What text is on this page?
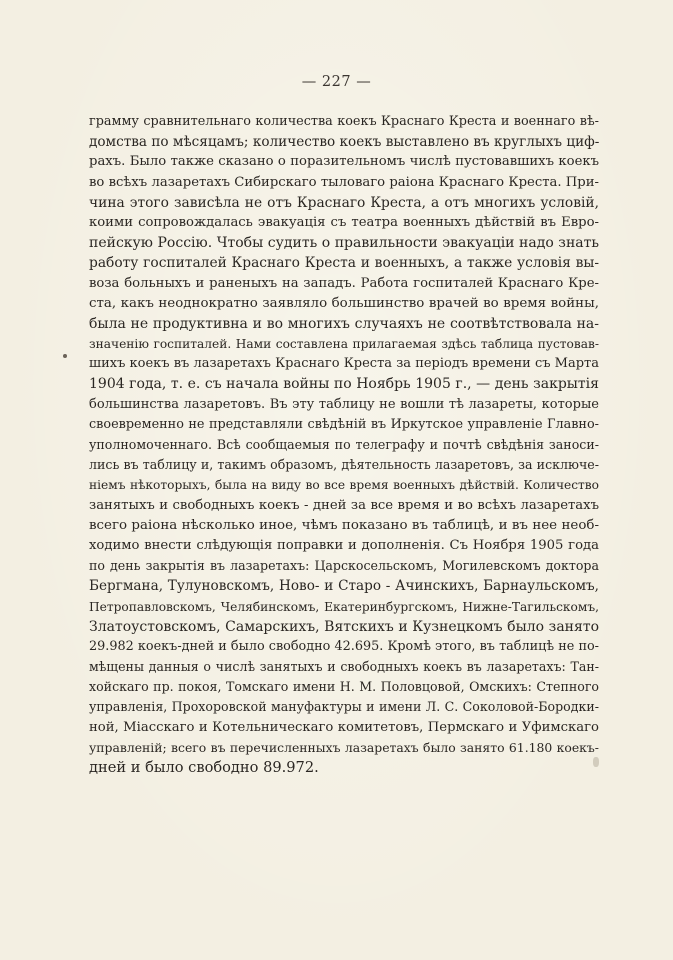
— 227 —
грамму сравнительнаго количества коекъ Краснаго Креста и военнаго вѣ-
домства по мѣсяцамъ; количество коекъ выставлено въ круглыхъ циф-
рахъ. Было также сказано о поразительномъ числѣ пустовавшихъ коекъ
во всѣхъ лазаретахъ Сибирскаго тыловаго раіона Краснаго Креста. При-
чина этого зависѣла не отъ Краснаго Креста, а отъ многихъ условій,
коими сопровождалась эвакуація съ театра военныхъ дѣйствій въ Евро-
пейскую Россію. Чтобы судить о правильности эвакуаціи надо знать
работу госпиталей Краснаго Креста и военныхъ, а также условія вы-
воза больныхъ и раненыхъ на западъ. Работа госпиталей Краснаго Кре-
ста, какъ неоднократно заявляло большинство врачей во время войны,
была не продуктивна и во многихъ случаяхъ не соотвѣтствовала на-
значенію госпиталей. Нами составлена прилагаемая здѣсь таблица пустовав-
шихъ коекъ въ лазаретахъ Краснаго Креста за періодъ времени съ Марта
1904 года, т. е. съ начала войны по Ноябрь 1905 г., — день закрытія
большинства лазаретовъ. Въ эту таблицу не вошли тѣ лазареты, которые
своевременно не представляли свѣдѣній въ Иркутское управленіе Главно-
уполномоченнаго. Всѣ сообщаемыя по телеграфу и почтѣ свѣдѣнія заноси-
лись въ таблицу и, такимъ образомъ, дѣятельность лазаретовъ, за исключе-
ніемъ нѣкоторыхъ, была на виду во все время военныхъ дѣйствій. Количество
занятыхъ и свободныхъ коекъ - дней за все время и во всѣхъ лазаретахъ
всего раіона нѣсколько иное, чѣмъ показано въ таблицѣ, и въ нее необ-
ходимо внести слѣдующія поправки и дополненія. Съ Ноября 1905 года
по день закрытія въ лазаретахъ: Царскосельскомъ, Могилевскомъ доктора
Бергмана, Тулуновскомъ, Ново- и Старо - Ачинскихъ, Барнаульскомъ,
Петропавловскомъ, Челябинскомъ, Екатеринбургскомъ, Нижне-Тагильскомъ,
Златоустовскомъ, Самарскихъ, Вятскихъ и Кузнецкомъ было занято
29.982 коекъ-дней и было свободно 42.695. Кромѣ этого, въ таблицѣ не по-
мѣщены данныя о числѣ занятыхъ и свободныхъ коекъ въ лазаретахъ: Тан-
хойскаго пр. покоя, Томскаго имени Н. М. Половцовой, Омскихъ: Степного
управленія, Прохоровской мануфактуры и имени Л. С. Соколовой-Бородки-
ной, Міасскаго и Котельническаго комитетовъ, Пермскаго и Уфимскаго
управленій; всего въ перечисленныхъ лазаретахъ было занято 61.180 коекъ-
дней и было свободно 89.972.
